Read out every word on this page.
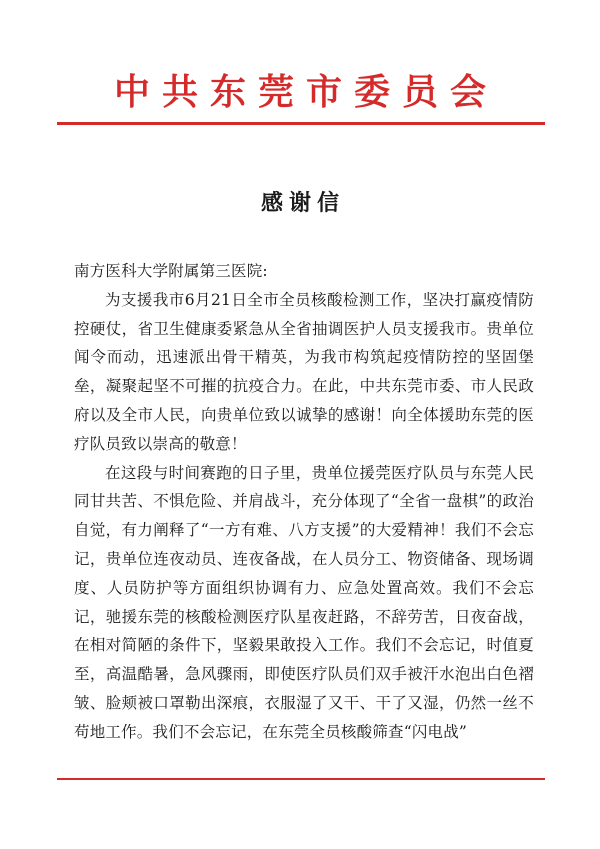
中共东莞市委员会
感谢信

南方医科大学附属第三医院:

为支援我市6月21日全市全员核酸检测工作，坚决打赢疫情防控硬仗，省卫生健康委紧急从全省抽调医护人员支援我市。贵单位闻令而动，迅速派出骨干精英，为我市构筑起疫情防控的坚固堡垒，凝聚起坚不可摧的抗疫合力。在此，中共东莞市委、市人民政府以及全市人民，向贵单位致以诚挚的感谢！向全体援助东莞的医疗队员致以崇高的敬意！

在这段与时间赛跑的日子里，贵单位援莞医疗队员与东莞人民同甘共苦、不惧危险、并肩战斗，充分体现了“全省一盘棋”的政治自觉，有力阐释了“一方有难、八方支援”的大爱精神！我们不会忘记，贵单位连夜动员、连夜备战，在人员分工、物资储备、现场调度、人员防护等方面组织协调有力、应急处置高效。我们不会忘记，驰援东莞的核酸检测医疗队星夜赶路，不辞劳苦，日夜奋战，在相对简陋的条件下，坚毅果敢投入工作。我们不会忘记，时值夏至，高温酷暑，急风骤雨，即使医疗队员们双手被汗水泡出白色褶皱、脸颊被口罩勒出深痕，衣服湿了又干、干了又湿，仍然一丝不苟地工作。我们不会忘记，在东莞全员核酸筛查“闪电战”
